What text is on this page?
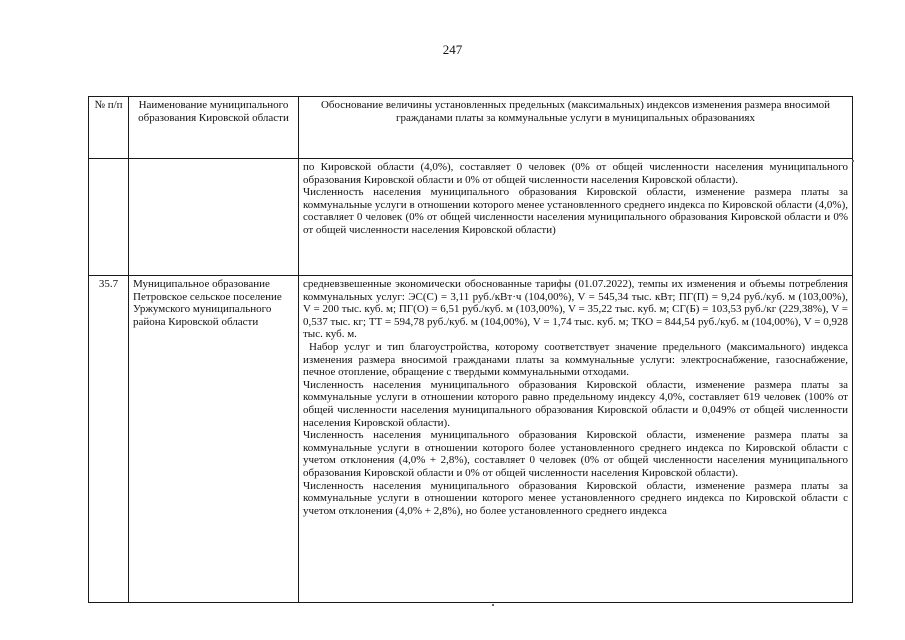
247
№ п/п	Наименование муниципального образования Кировской области	Обоснование величины установленных предельных (максимальных) индексов изменения размера вносимой гражданами платы за коммунальные услуги в муниципальных образованиях

		по Кировской области (4,0%), составляет 0 человек (0% от общей численности населения муниципального образования Кировской области и 0% от общей численности населения Кировской области).

Численность населения муниципального образования Кировской области, изменение размера платы за коммунальные услуги в отношении которого менее установленного среднего индекса по Кировской области (4,0%), составляет 0 человек (0% от общей численности населения муниципального образования Кировской области и 0% от общей численности населения Кировской области)

35.7	Муниципальное образование Петровское сельское поселение Уржумского муниципального района Кировской области	средневзвешенные экономически обоснованные тарифы (01.07.2022), темпы их изменения и объемы потребления коммунальных услуг: ЭС(С) = 3,11 руб./кВт·ч (104,00%), V = 545,34 тыс. кВт; ПГ(П) = 9,24 руб./куб. м (103,00%), V = 200 тыс. куб. м; ПГ(О) = 6,51 руб./куб. м (103,00%), V = 35,22 тыс. куб. м; СГ(Б) = 103,53 руб./кг (229,38%), V = 0,537 тыс. кг; ТТ = 594,78 руб./куб. м (104,00%), V = 1,74 тыс. куб. м; ТКО = 844,54 руб./куб. м (104,00%), V = 0,928 тыс. куб. м.

Набор услуг и тип благоустройства, которому соответствует значение предельного (максимального) индекса изменения размера вносимой гражданами платы за коммунальные услуги: электроснабжение, газоснабжение, печное отопление, обращение с твердыми коммунальными отходами.

Численность населения муниципального образования Кировской области, изменение размера платы за коммунальные услуги в отношении которого равно предельному индексу 4,0%, составляет 619 человек (100% от общей численности населения муниципального образования Кировской области и 0,049% от общей численности населения Кировской области).

Численность населения муниципального образования Кировской области, изменение размера платы за коммунальные услуги в отношении которого более установленного среднего индекса по Кировской области с учетом отклонения (4,0% + 2,8%), составляет 0 человек (0% от общей численности населения муниципального образования Кировской области и 0% от общей численности населения Кировской области).

Численность населения муниципального образования Кировской области, изменение размера платы за коммунальные услуги в отношении которого менее установленного среднего индекса по Кировской области с учетом отклонения (4,0% + 2,8%), но более установленного среднего индекса
